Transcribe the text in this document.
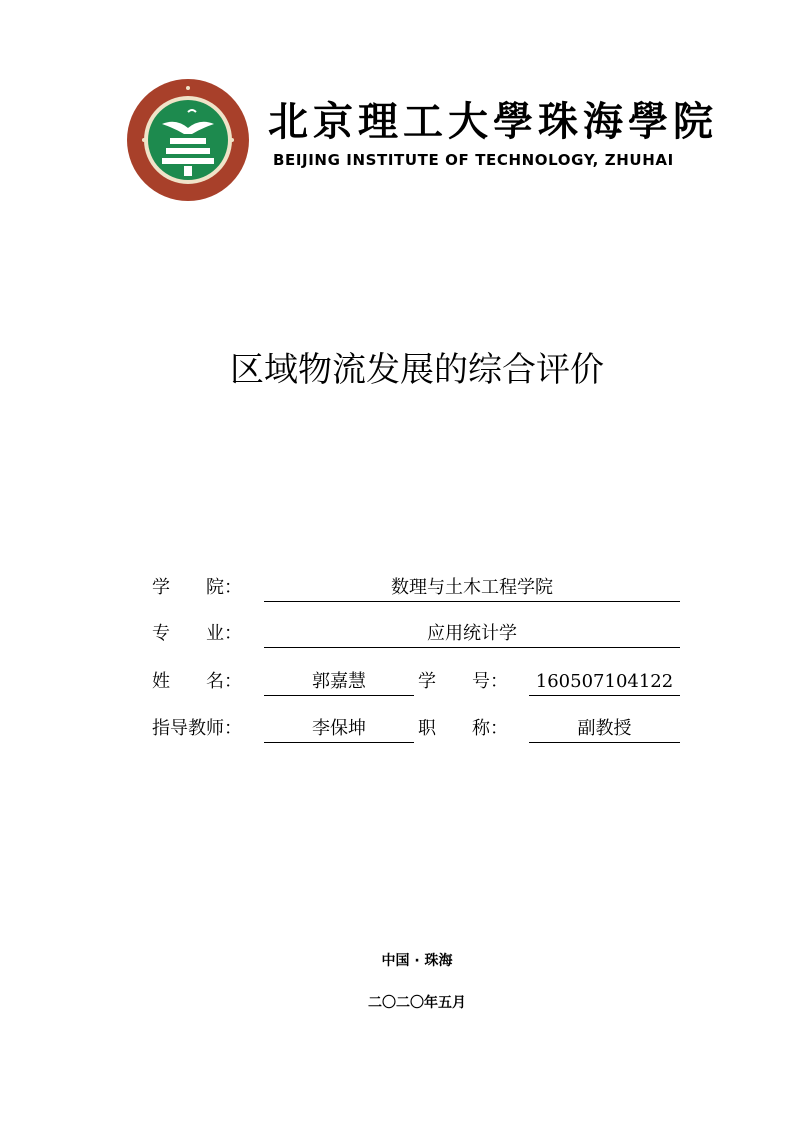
北京理工大學珠海學院
BEIJING INSTITUTE OF TECHNOLOGY, ZHUHAI
区域物流发展的综合评价
学　　院：	数理与土木工程学院
专　　业：	应用统计学
姓　　名：	郭嘉慧	学　　号：	160507104122
指导教师：	李保坤	职　　称：	副教授
中国 · 珠海
二〇二〇年五月
